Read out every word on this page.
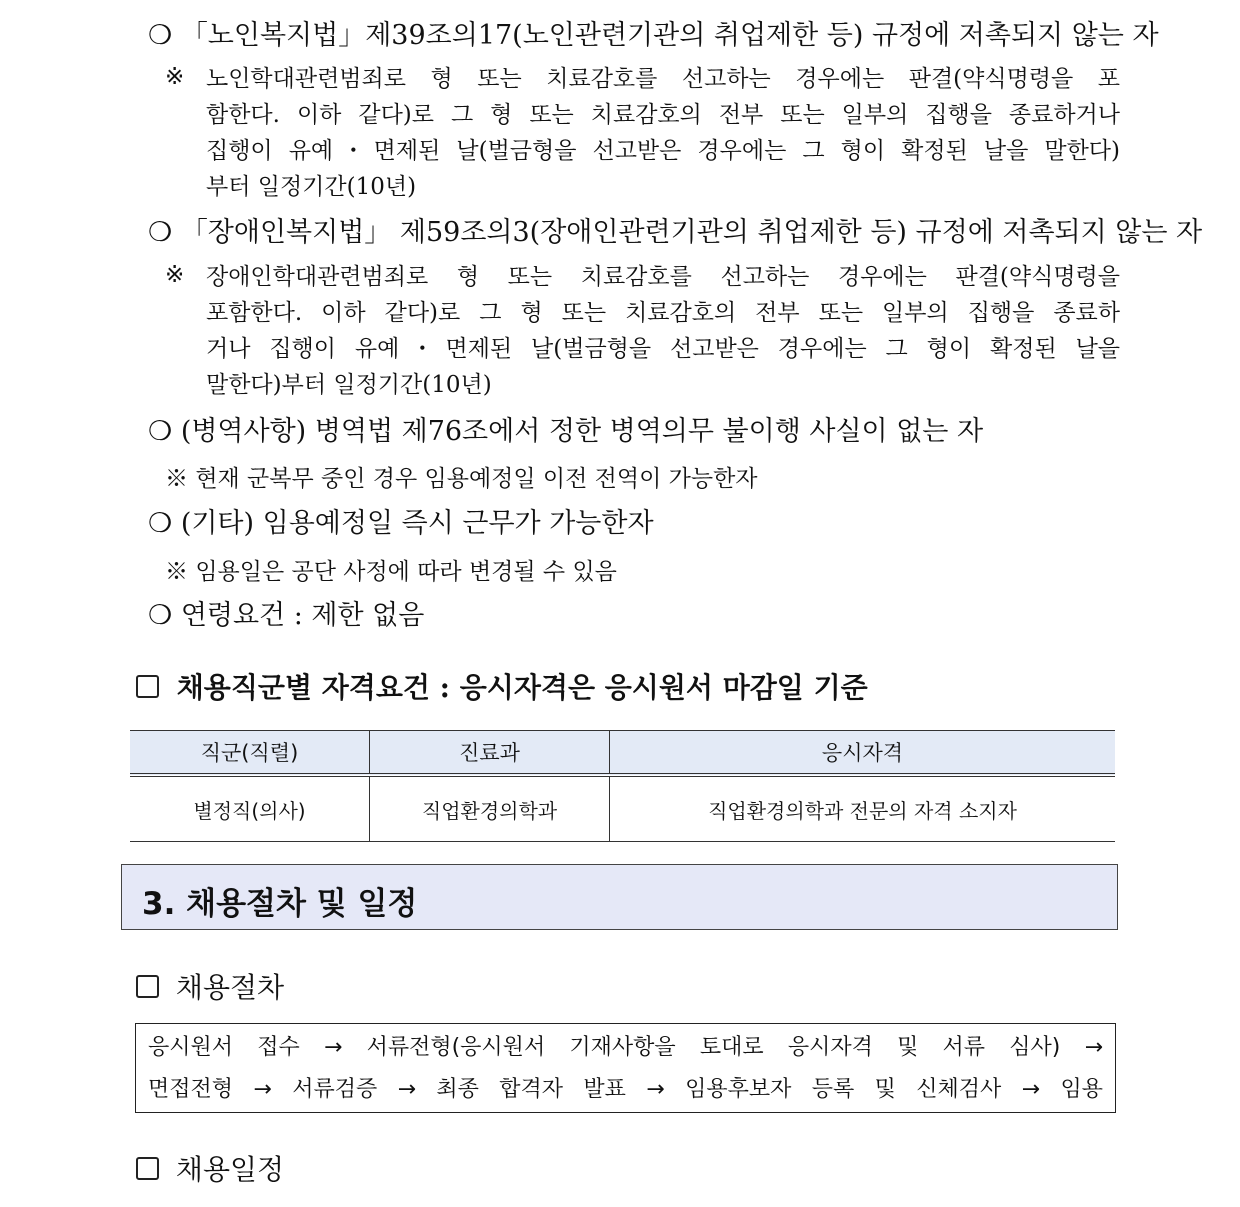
❍ 「노인복지법」제39조의17(노인관련기관의 취업제한 등) 규정에 저촉되지 않는 자
※ 노인학대관련범죄로 형 또는 치료감호를 선고하는 경우에는 판결(약식명령을 포
함한다. 이하 같다)로 그 형 또는 치료감호의 전부 또는 일부의 집행을 종료하거나
집행이 유예・면제된 날(벌금형을 선고받은 경우에는 그 형이 확정된 날을 말한다)
부터 일정기간(10년)
❍ 「장애인복지법」 제59조의3(장애인관련기관의 취업제한 등) 규정에 저촉되지 않는 자
※ 장애인학대관련범죄로 형 또는 치료감호를 선고하는 경우에는 판결(약식명령을
포함한다. 이하 같다)로 그 형 또는 치료감호의 전부 또는 일부의 집행을 종료하
거나 집행이 유예・면제된 날(벌금형을 선고받은 경우에는 그 형이 확정된 날을
말한다)부터 일정기간(10년)
❍ (병역사항) 병역법 제76조에서 정한 병역의무 불이행 사실이 없는 자
※ 현재 군복무 중인 경우 임용예정일 이전 전역이 가능한자
❍ (기타) 임용예정일 즉시 근무가 가능한자
※ 임용일은 공단 사정에 따라 변경될 수 있음
❍ 연령요건 : 제한 없음
채용직군별 자격요건 : 응시자격은 응시원서 마감일 기준
직군(직렬)	진료과	응시자격
별정직(의사)	직업환경의학과	직업환경의학과 전문의 자격 소지자
3. 채용절차 및 일정
채용절차
응시원서 접수 → 서류전형(응시원서 기재사항을 토대로 응시자격 및 서류 심사) →
면접전형 → 서류검증 → 최종 합격자 발표 → 임용후보자 등록 및 신체검사 → 임용
채용일정
